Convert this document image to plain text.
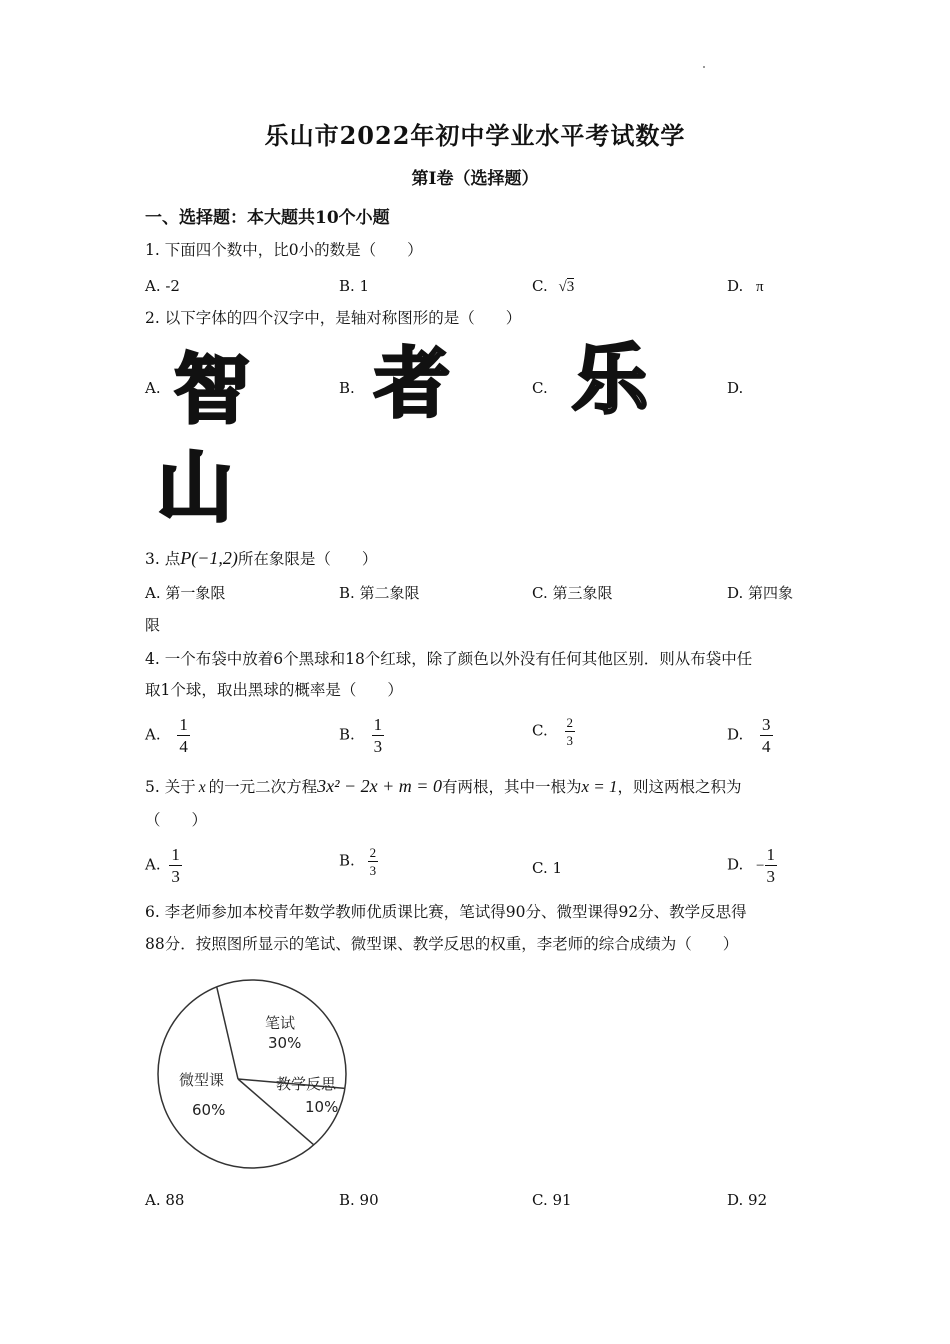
乐山市2022年初中学业水平考试数学
第Ⅰ卷（选择题）
一、选择题：本大题共10个小题
1. 下面四个数中，比0小的数是（　　）
A. -2	B. 1	C. √3	D. π
2. 以下字体的四个汉字中，是轴对称图形的是（　　）
A. 智	B. 者	C. 乐	D.
山
3. 点P(−1,2)所在象限是（　　）
A. 第一象限	B. 第二象限	C. 第三象限	D. 第四象
限
4. 一个布袋中放着6个黑球和18个红球，除了颜色以外没有任何其他区别．则从布袋中任
取1个球，取出黑球的概率是（　　）
A. $\frac{1}{4}$	B. $\frac{1}{3}$	C. $\frac{2}{3}$	D. $\frac{3}{4}$
5. 关于 x 的一元二次方程3x² − 2x + m = 0有两根，其中一根为x = 1，则这两根之积为
（　　）
A. $\frac{1}{3}$	B. $\frac{2}{3}$	C. 1	D. − $\frac{1}{3}$
6. 李老师参加本校青年数学教师优质课比赛，笔试得90分、微型课得92分、教学反思得
88分．按照图所显示的笔试、微型课、教学反思的权重，李老师的综合成绩为（　　）
笔试
30%
微型课
60%
教学反思
10%
A. 88	B. 90	C. 91	D. 92
